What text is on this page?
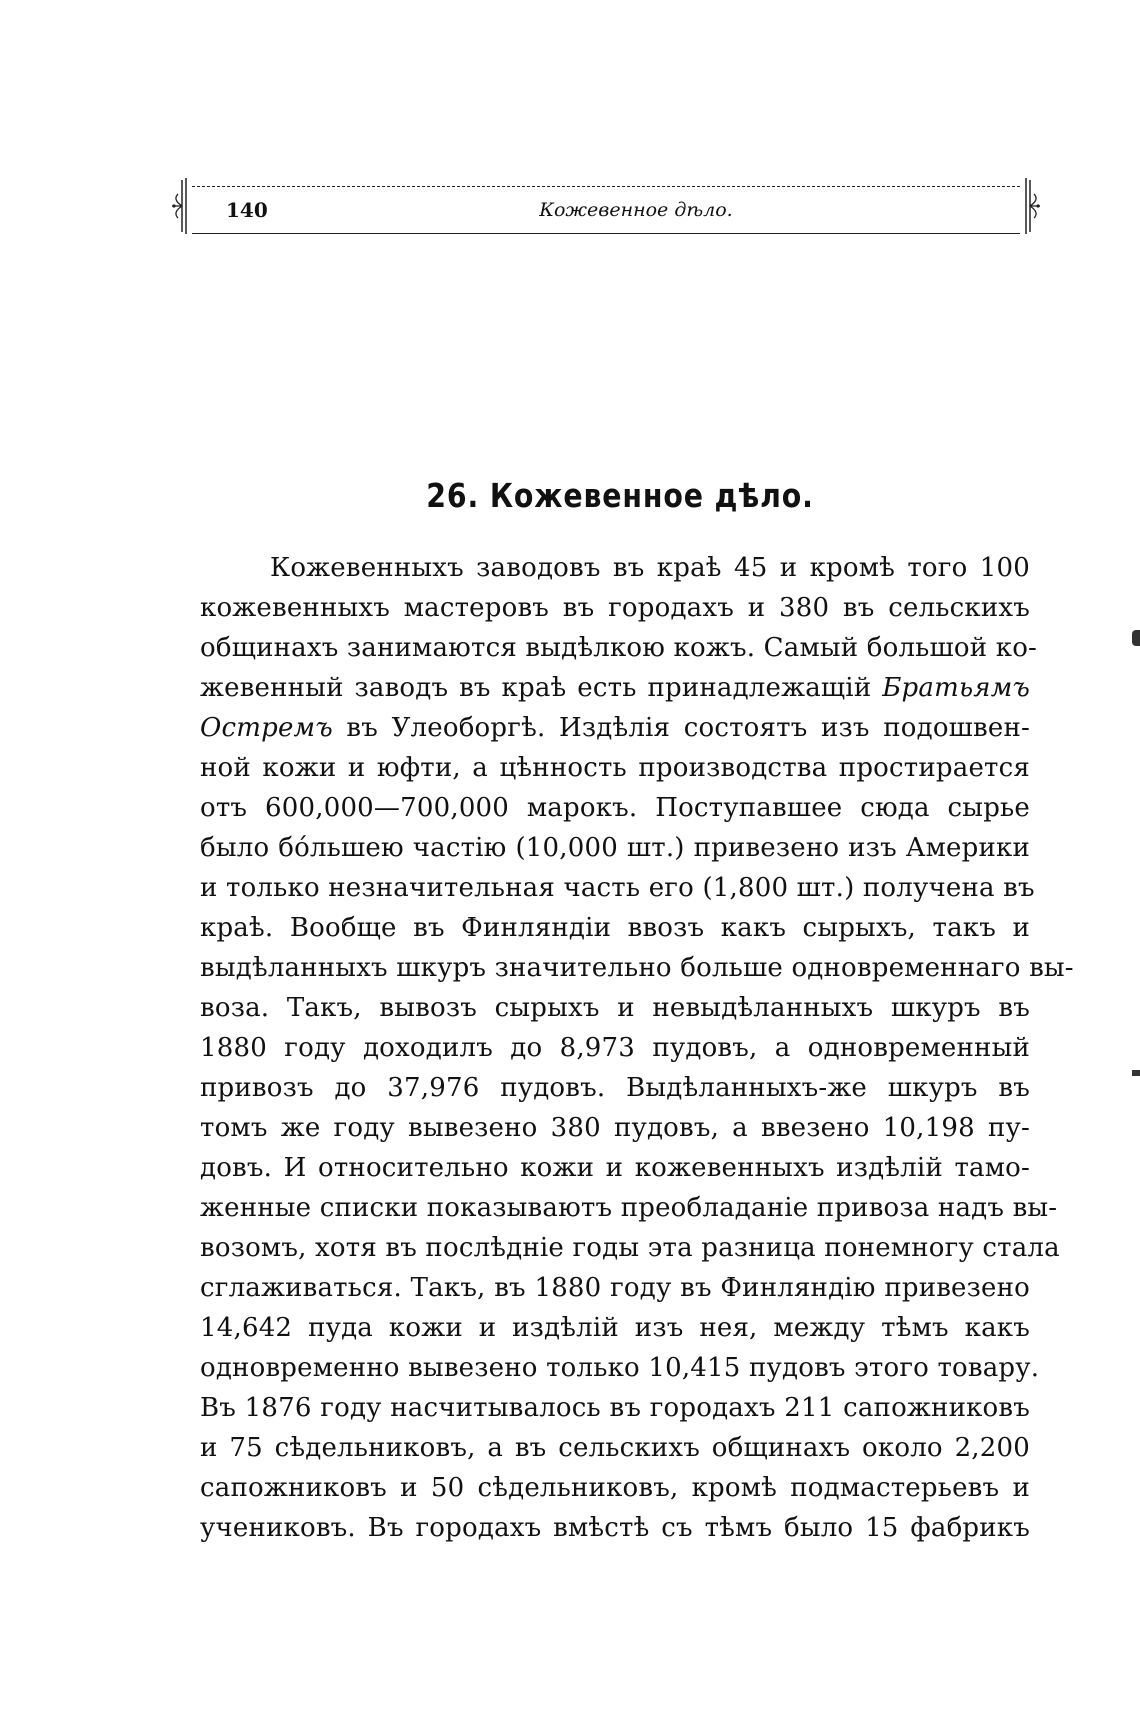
140	Кожевенное дѣло.
26. Кожевенное дѣло.
Кожевенныхъ заводовъ въ краѣ 45 и кромѣ того 100
кожевенныхъ мастеровъ въ городахъ и 380 въ сельскихъ
общинахъ занимаются выдѣлкою кожъ. Самый большой ко-
жевенный заводъ въ краѣ есть принадлежащій Братьямъ
Остремъ въ Улеоборгѣ. Издѣлія состоятъ изъ подошвен-
ной кожи и юфти, а цѣнность производства простирается
отъ 600,000—700,000 марокъ. Поступавшее сюда сырье
было бо́льшею частію (10,000 шт.) привезено изъ Америки
и только незначительная часть его (1,800 шт.) получена въ
краѣ. Вообще въ Финляндіи ввозъ какъ сырыхъ, такъ и
выдѣланныхъ шкуръ значительно больше одновременнаго вы-
воза. Такъ, вывозъ сырыхъ и невыдѣланныхъ шкуръ въ
1880 году доходилъ до 8,973 пудовъ, а одновременный
привозъ до 37,976 пудовъ. Выдѣланныхъ-же шкуръ въ
томъ же году вывезено 380 пудовъ, а ввезено 10,198 пу-
довъ. И относительно кожи и кожевенныхъ издѣлій тамо-
женные списки показываютъ преобладаніе привоза надъ вы-
возомъ, хотя въ послѣдніе годы эта разница понемногу стала
сглаживаться. Такъ, въ 1880 году въ Финляндію привезено
14,642 пуда кожи и издѣлій изъ нея, между тѣмъ какъ
одновременно вывезено только 10,415 пудовъ этого товару.
Въ 1876 году насчитывалось въ городахъ 211 сапожниковъ
и 75 сѣдельниковъ, а въ сельскихъ общинахъ около 2,200
сапожниковъ и 50 сѣдельниковъ, кромѣ подмастерьевъ и
учениковъ. Въ городахъ вмѣстѣ съ тѣмъ было 15 фабрикъ
